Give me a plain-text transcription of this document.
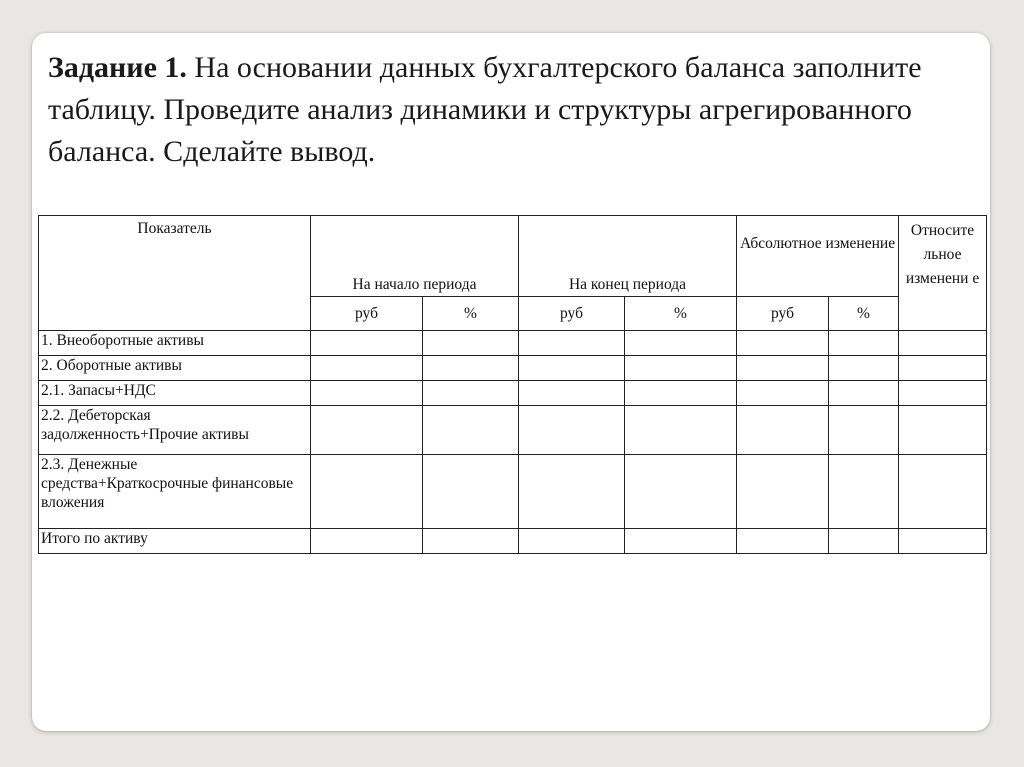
Задание 1. На основании данных бухгалтерского баланса заполните таблицу. Проведите анализ динамики и структуры агрегированного баланса. Сделайте вывод.

Показатель	На начало периода		На конец периода		Абсолютное изменение		Относите льное изменени е
	руб	%	руб	%	руб	%	
1. Внеоборотные активы							
2. Оборотные активы							
2.1. Запасы+НДС							
2.2. Дебеторская задолженность+Прочие активы							
2.3. Денежные средства+Краткосрочные финансовые вложения							
Итого по активу							
